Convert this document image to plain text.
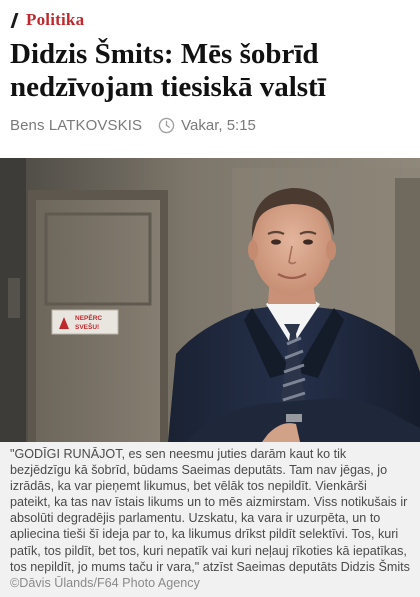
Politika
Didzis Šmits: Mēs šobrīd nedzīvojam tiesiskā valstī
Bens LATKOVSKIS	Vakar, 5:15
NEPĒRC
SVEŠU!

"GODĪGI RUNĀJOT, es sen neesmu juties darām kaut ko tik bezjēdzīgu kā šobrīd, būdams Saeimas deputāts. Tam nav jēgas, jo izrādās, ka var pieņemt likumus, bet vēlāk tos nepildīt. Vienkārši pateikt, ka tas nav īstais likums un to mēs aizmirstam. Viss notikušais ir absolūti degradējis parlamentu. Uzskatu, ka vara ir uzurpēta, un to apliecina tieši šī ideja par to, ka likumus drīkst pildīt selektīvi. Tos, kuri patīk, tos pildīt, bet tos, kuri nepatīk vai kuri neļauj rīkoties kā iepatīkas, tos nepildīt, jo mums taču ir vara," atzīst Saeimas deputāts Didzis Šmits ©Dāvis Ūlands/F64 Photo Agency
